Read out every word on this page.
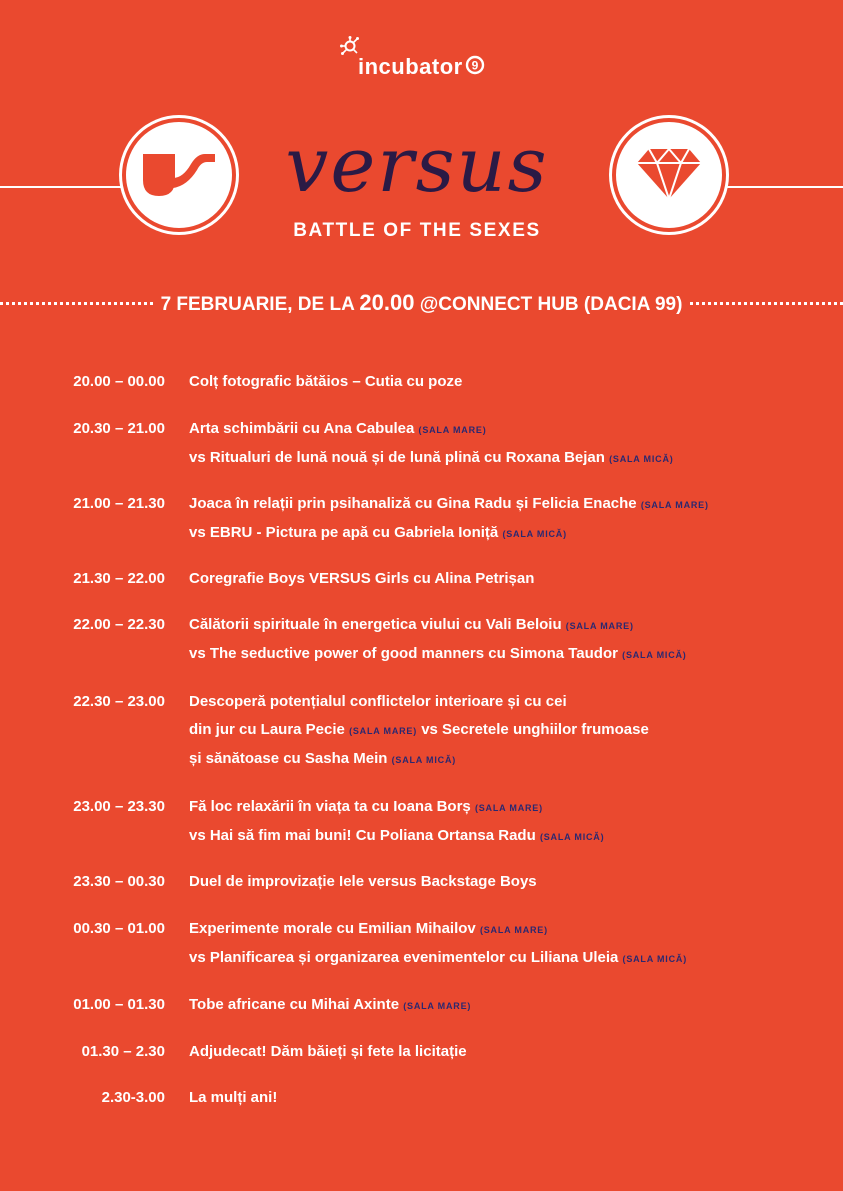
incubator 9
versus
BATTLE OF THE SEXES
7 FEBRUARIE, DE LA 20.00 @CONNECT HUB (DACIA 99)
20.00 – 00.00 Colț fotografic bătăios – Cutia cu poze
20.30 – 21.00 Arta schimbării cu Ana Cabulea (SALA MARE)
vs Ritualuri de lună nouă și de lună plină cu Roxana Bejan (SALA MICĂ)
21.00 – 21.30 Joaca în relații prin psihanaliză cu Gina Radu și Felicia Enache (SALA MARE)
vs EBRU - Pictura pe apă cu Gabriela Ioniță (SALA MICĂ)
21.30 – 22.00 Coregrafie Boys VERSUS Girls cu Alina Petrișan
22.00 – 22.30 Călătorii spirituale în energetica viului cu Vali Beloiu (SALA MARE)
vs The seductive power of good manners cu Simona Taudor (SALA MICĂ)
22.30 – 23.00 Descoperă potențialul conflictelor interioare și cu cei
din jur cu Laura Pecie (SALA MARE) vs Secretele unghiilor frumoase
și sănătoase cu Sasha Mein (SALA MICĂ)
23.00 – 23.30 Fă loc relaxării în viața ta cu Ioana Borș (SALA MARE)
vs Hai să fim mai buni! Cu Poliana Ortansa Radu (SALA MICĂ)
23.30 – 00.30 Duel de improvizație Iele versus Backstage Boys
00.30 – 01.00 Experimente morale cu Emilian Mihailov (SALA MARE)
vs Planificarea și organizarea evenimentelor cu Liliana Uleia (SALA MICĂ)
01.00 – 01.30 Tobe africane cu Mihai Axinte (SALA MARE)
01.30 – 2.30 Adjudecat! Dăm băieți și fete la licitație
2.30-3.00 La mulți ani!
